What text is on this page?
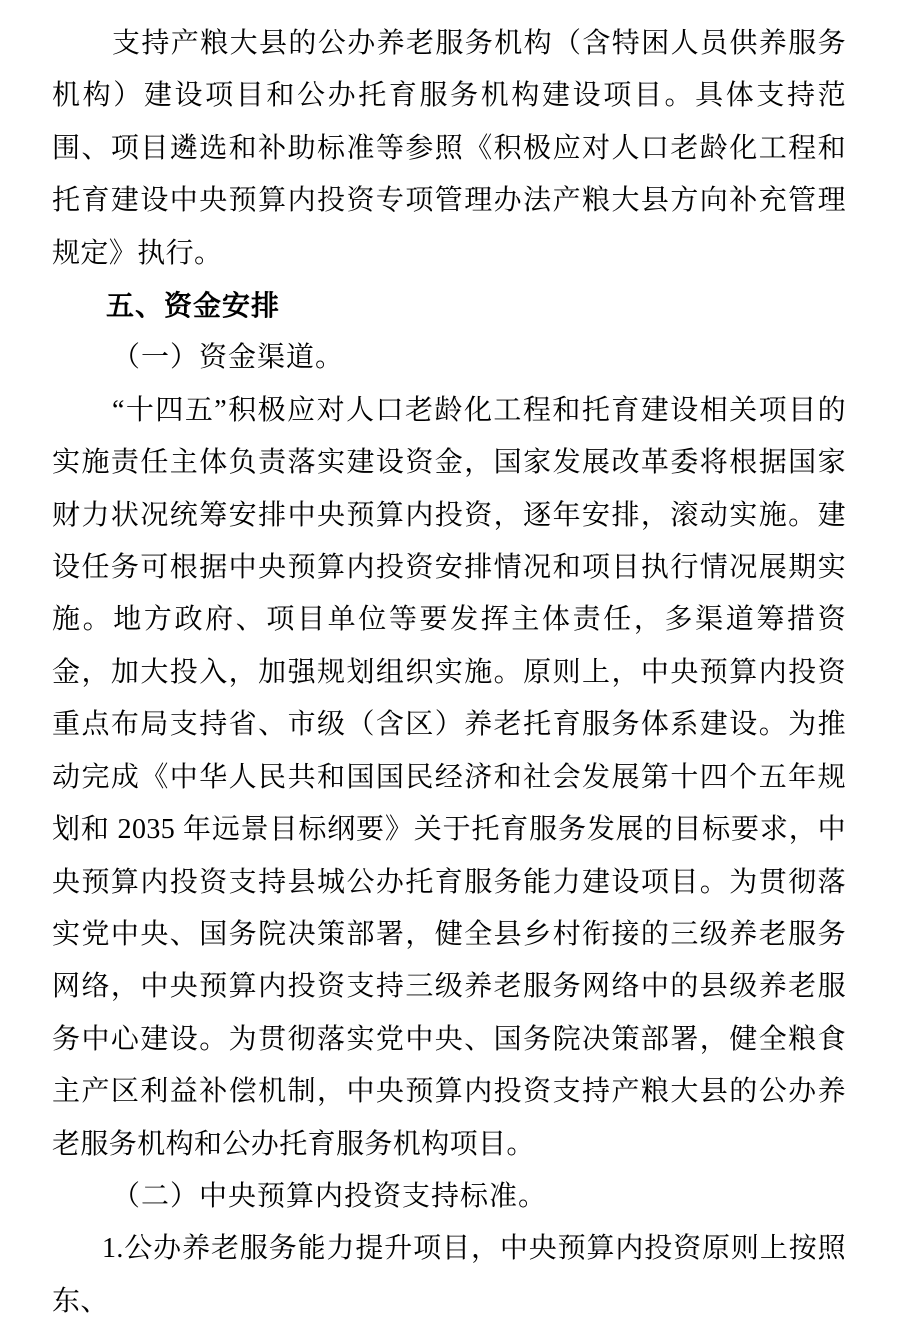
支持产粮大县的公办养老服务机构（含特困人员供养服务机构）建设项目和公办托育服务机构建设项目。具体支持范围、项目遴选和补助标准等参照《积极应对人口老龄化工程和托育建设中央预算内投资专项管理办法产粮大县方向补充管理规定》执行。

五、资金安排

（一）资金渠道。

“十四五”积极应对人口老龄化工程和托育建设相关项目的实施责任主体负责落实建设资金，国家发展改革委将根据国家财力状况统筹安排中央预算内投资，逐年安排，滚动实施。建设任务可根据中央预算内投资安排情况和项目执行情况展期实施。地方政府、项目单位等要发挥主体责任，多渠道筹措资金，加大投入，加强规划组织实施。原则上，中央预算内投资重点布局支持省、市级（含区）养老托育服务体系建设。为推动完成《中华人民共和国国民经济和社会发展第十四个五年规划和 2035 年远景目标纲要》关于托育服务发展的目标要求，中央预算内投资支持县城公办托育服务能力建设项目。为贯彻落实党中央、国务院决策部署，健全县乡村衔接的三级养老服务网络，中央预算内投资支持三级养老服务网络中的县级养老服务中心建设。为贯彻落实党中央、国务院决策部署，健全粮食主产区利益补偿机制，中央预算内投资支持产粮大县的公办养老服务机构和公办托育服务机构项目。

（二）中央预算内投资支持标准。

1.公办养老服务能力提升项目，中央预算内投资原则上按照东、
